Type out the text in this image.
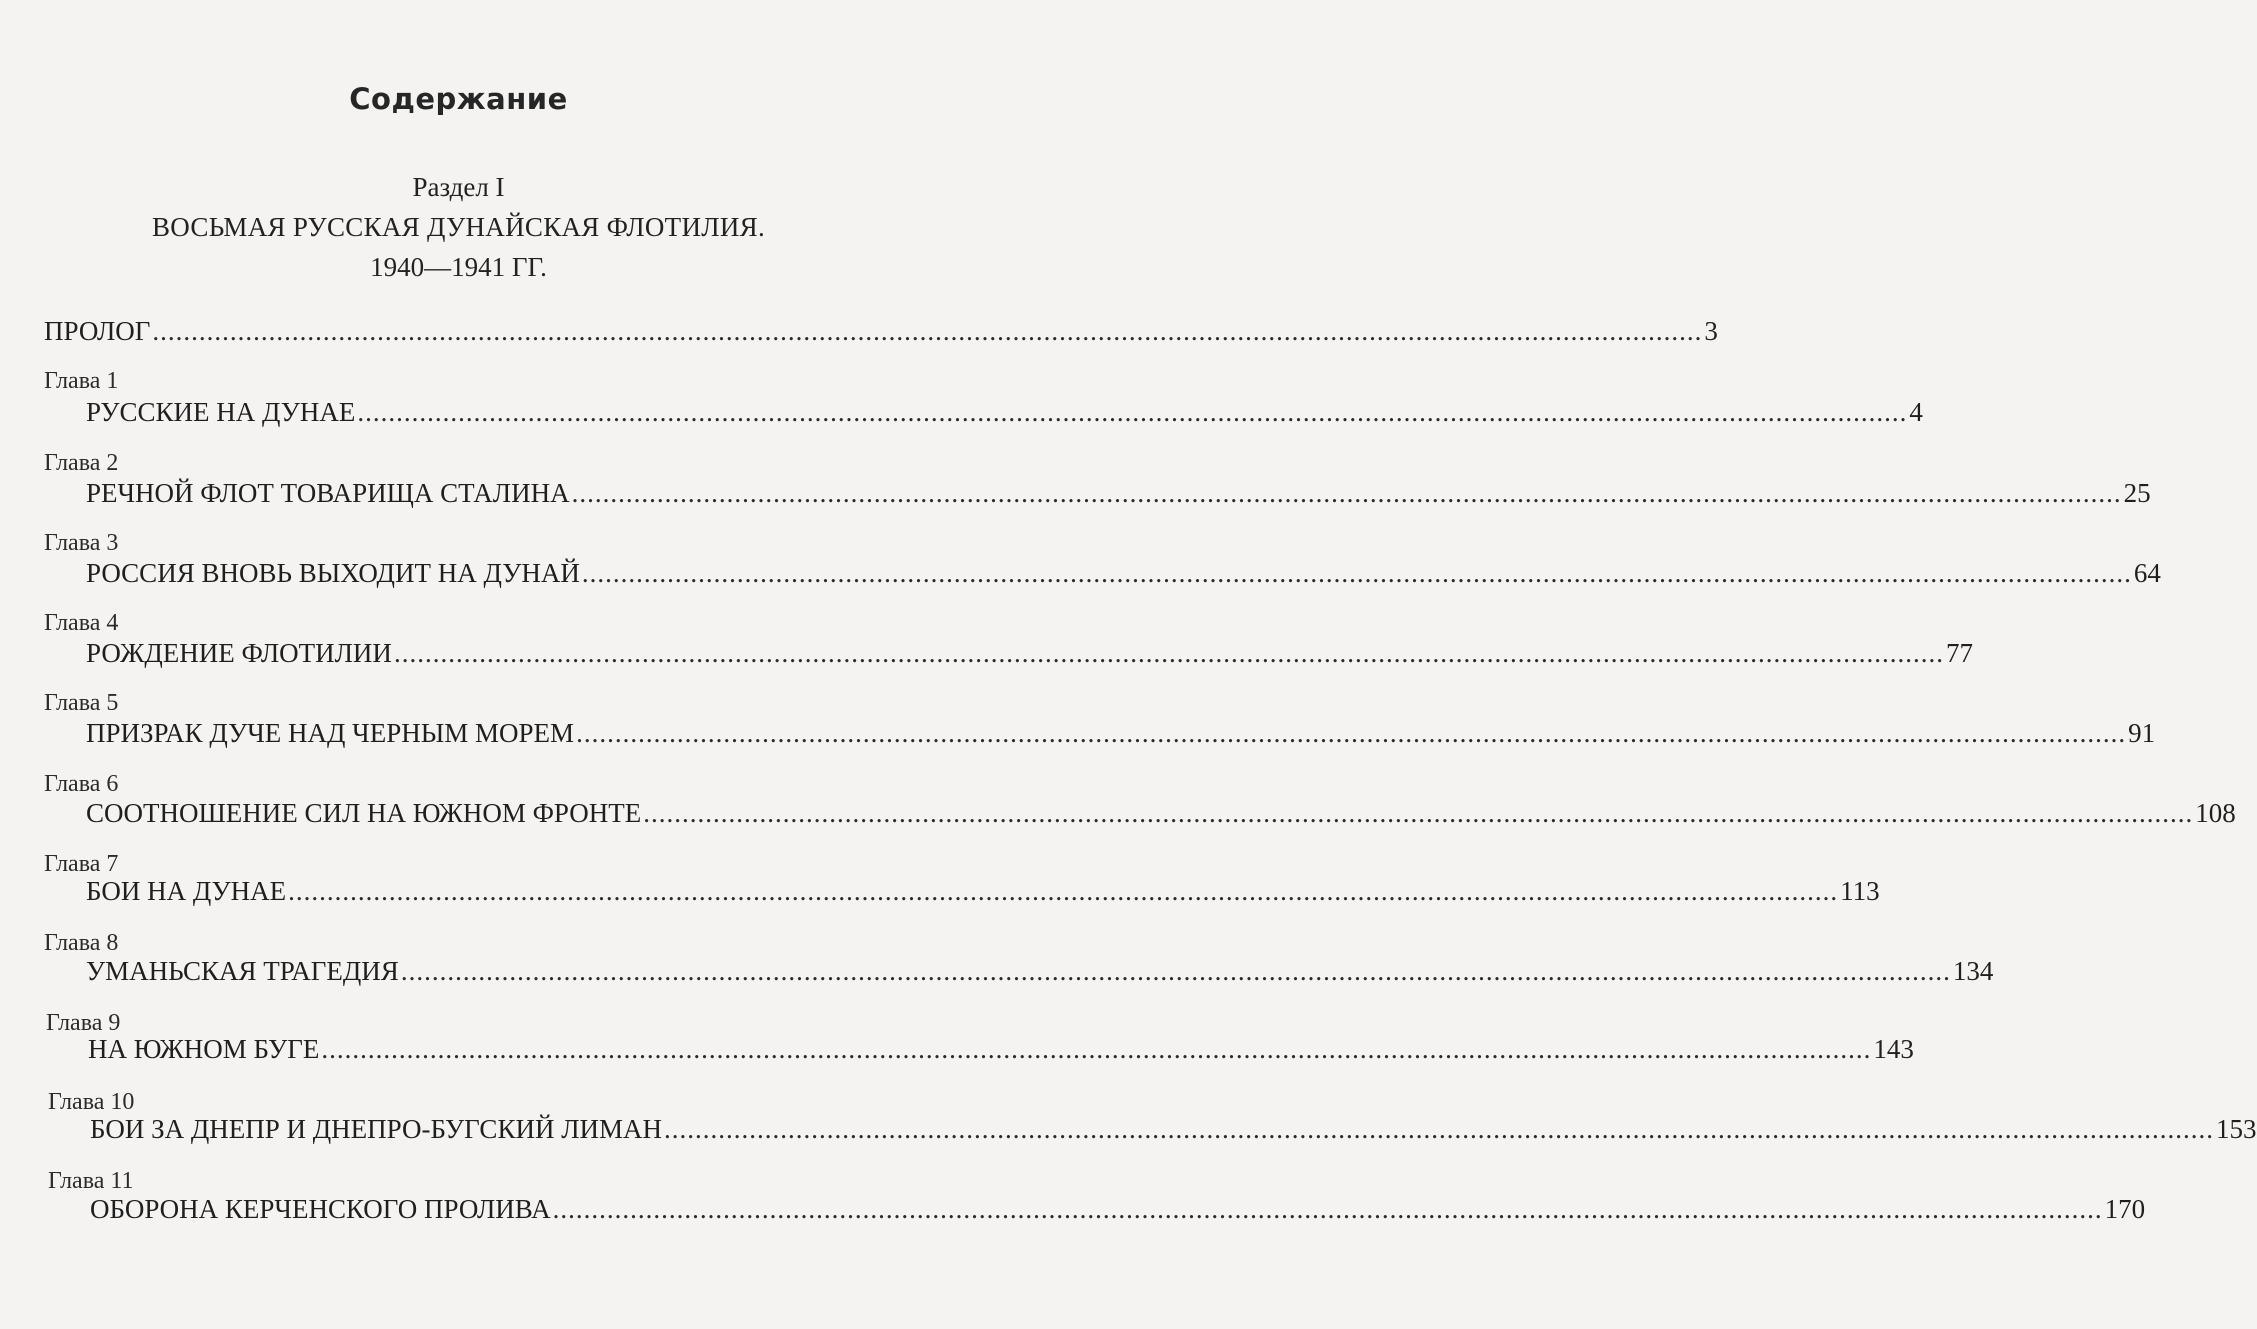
Содержание
Раздел I
ВОСЬМАЯ РУССКАЯ ДУНАЙСКАЯ ФЛОТИЛИЯ.
1940—1941 ГГ.
ПРОЛОГ ........................................................................................................................................................................................................ 3
Глава 1
РУССКИЕ НА ДУНАЕ ........................................................................................................................................................................................................ 4
Глава 2
РЕЧНОЙ ФЛОТ ТОВАРИЩА СТАЛИНА ........................................................................................................................................................................................................ 25
Глава 3
РОССИЯ ВНОВЬ ВЫХОДИТ НА ДУНАЙ ........................................................................................................................................................................................................ 64
Глава 4
РОЖДЕНИЕ ФЛОТИЛИИ ........................................................................................................................................................................................................ 77
Глава 5
ПРИЗРАК ДУЧЕ НАД ЧЕРНЫМ МОРЕМ ........................................................................................................................................................................................................ 91
Глава 6
СООТНОШЕНИЕ СИЛ НА ЮЖНОМ ФРОНТЕ ........................................................................................................................................................................................................ 108
Глава 7
БОИ НА ДУНАЕ ........................................................................................................................................................................................................ 113
Глава 8
УМАНЬСКАЯ ТРАГЕДИЯ ........................................................................................................................................................................................................ 134
Глава 9
НА ЮЖНОМ БУГЕ ........................................................................................................................................................................................................ 143
Глава 10
БОИ ЗА ДНЕПР И ДНЕПРО-БУГСКИЙ ЛИМАН ........................................................................................................................................................................................................ 153
Глава 11
ОБОРОНА КЕРЧЕНСКОГО ПРОЛИВА ........................................................................................................................................................................................................ 170
